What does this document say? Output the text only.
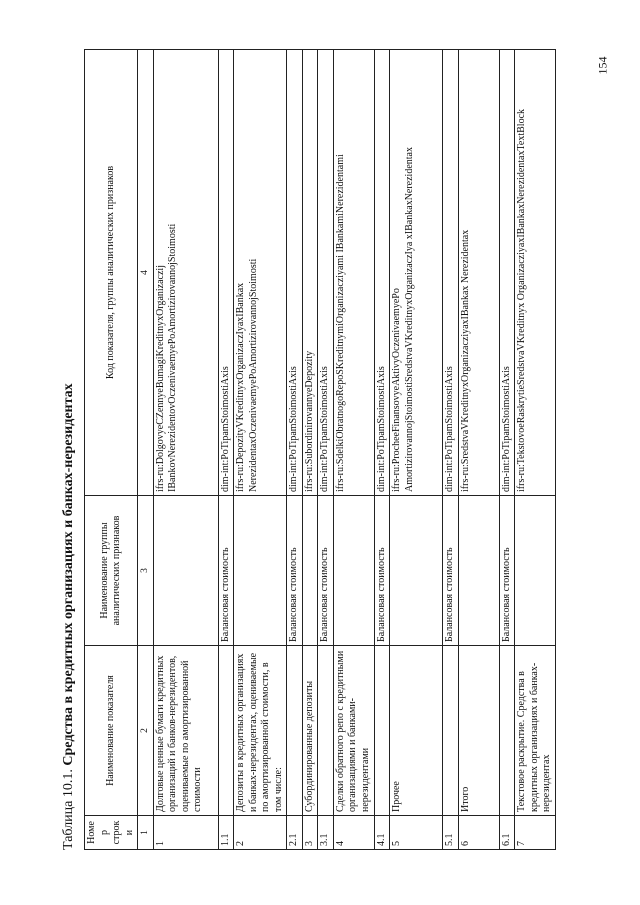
154
Таблица 10.1. Средства в кредитных организациях и банках-нерезидентах
Номер строки	Наименование показателя	Наименование группы аналитических признаков	Код показателя, группы аналитических признаков
1	2	3	4
1	Долговые ценные бумаги кредитных организаций и банков-нерезидентов, оцениваемые по амортизированной стоимости		ifrs-ru:DolgovyeCZennyeBumagiKreditnyxOrganizaczij IBankovNerezidentovOczenivaemyePoAmortizirovannojStoimosti
1.1		Балансовая стоимость	dim-int:PoTipamStoimostiAxis
2	Депозиты в кредитных организациях и банках-нерезидентах, оцениваемые по амортизированной стоимости, в том числе:		ifrs-ru:DepozityVKreditnyxOrganizaczIyaxIBankax NerezidentaxOczenivaemyePoAmortizirovannojStoimosti
2.1		Балансовая стоимость	dim-int:PoTipamStoimostiAxis
3	Субординированные депозиты		ifrs-ru:SubordinirovannyeDepozity
3.1		Балансовая стоимость	dim-int:PoTipamStoimostiAxis
4	Сделки обратного репо с кредитными организациями и банками-нерезидентами		ifrs-ru:SdelkiObratnogoRepoSKreditnymiOrganizacziyami IBankamiNerezidentami
4.1		Балансовая стоимость	dim-int:PoTipamStoimostiAxis
5	Прочее		ifrs-ru:ProcheeFinansovyeAktivyOczenivaemyePo AmortizirovannojStoimostiSredstvaVKreditnyxOrganizaczIya xIBankaxNerezidentax
5.1		Балансовая стоимость	dim-int:PoTipamStoimostiAxis
6	Итого		ifrs-ru:SredstvaVKreditnyxOrganizacziyaxIBankax Nerezidentax
6.1		Балансовая стоимость	dim-int:PoTipamStoimostiAxis
7	Текстовое раскрытие. Средства в кредитных организациях и банках-нерезидентах		ifrs-ru:TekstovoeRaskrytieSredstvaVKreditnyx OrganizacziyaxIBankaxNerezidentaxTextBlock
